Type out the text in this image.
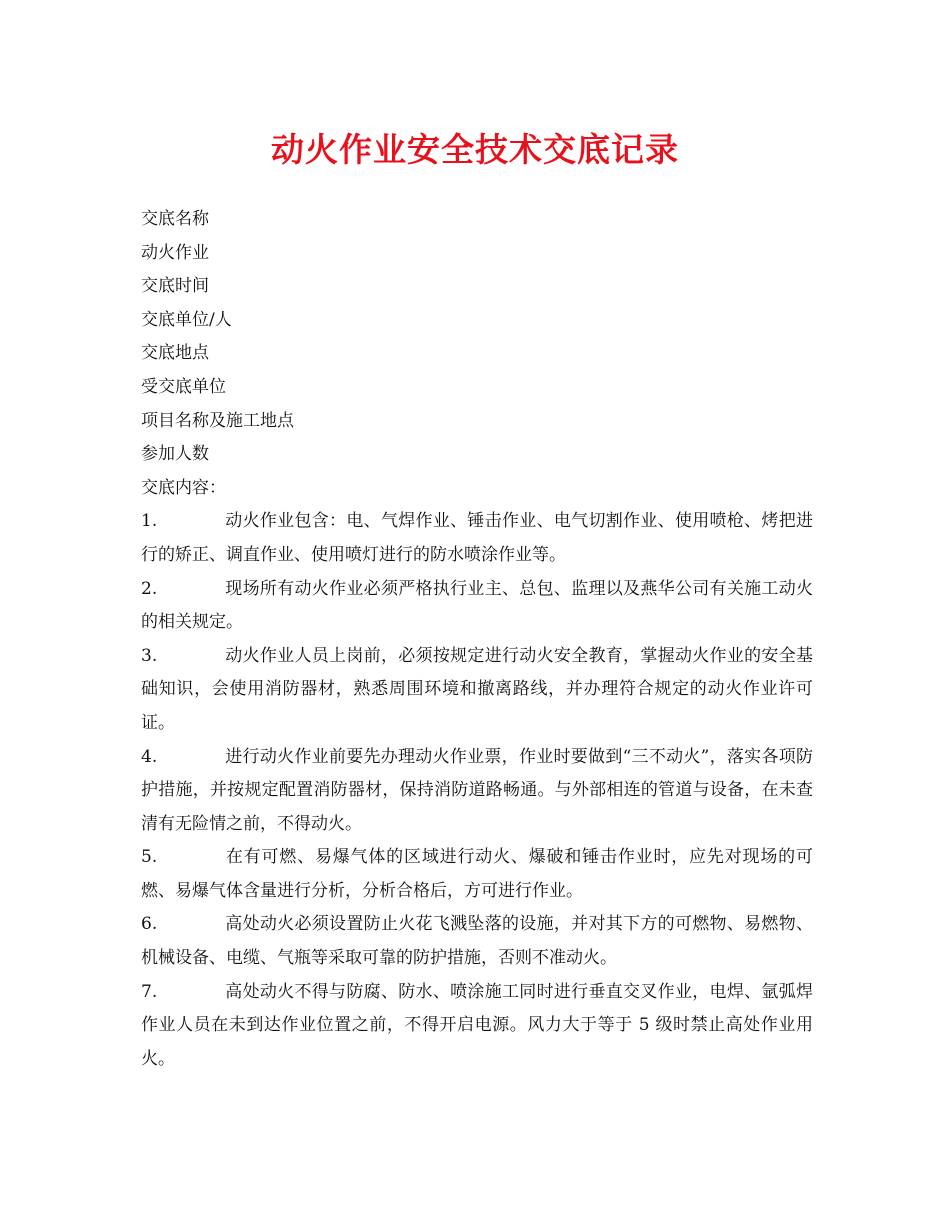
动火作业安全技术交底记录
交底名称
动火作业
交底时间
交底单位/人
交底地点
受交底单位
项目名称及施工地点
参加人数
交底内容：
1.	动火作业包含：电、气焊作业、锤击作业、电气切割作业、使用喷枪、烤把进行的矫正、调直作业、使用喷灯进行的防水喷涂作业等。
2.	现场所有动火作业必须严格执行业主、总包、监理以及燕华公司有关施工动火的相关规定。
3.	动火作业人员上岗前，必须按规定进行动火安全教育，掌握动火作业的安全基础知识，会使用消防器材，熟悉周围环境和撤离路线，并办理符合规定的动火作业许可证。
4.	进行动火作业前要先办理动火作业票，作业时要做到“三不动火”，落实各项防护措施，并按规定配置消防器材，保持消防道路畅通。与外部相连的管道与设备，在未查清有无险情之前，不得动火。
5.	在有可燃、易爆气体的区域进行动火、爆破和锤击作业时，应先对现场的可燃、易爆气体含量进行分析，分析合格后，方可进行作业。
6.	高处动火必须设置防止火花飞溅坠落的设施，并对其下方的可燃物、易燃物、机械设备、电缆、气瓶等采取可靠的防护措施，否则不准动火。
7.	高处动火不得与防腐、防水、喷涂施工同时进行垂直交叉作业，电焊、氩弧焊作业人员在未到达作业位置之前，不得开启电源。风力大于等于 5 级时禁止高处作业用火。
